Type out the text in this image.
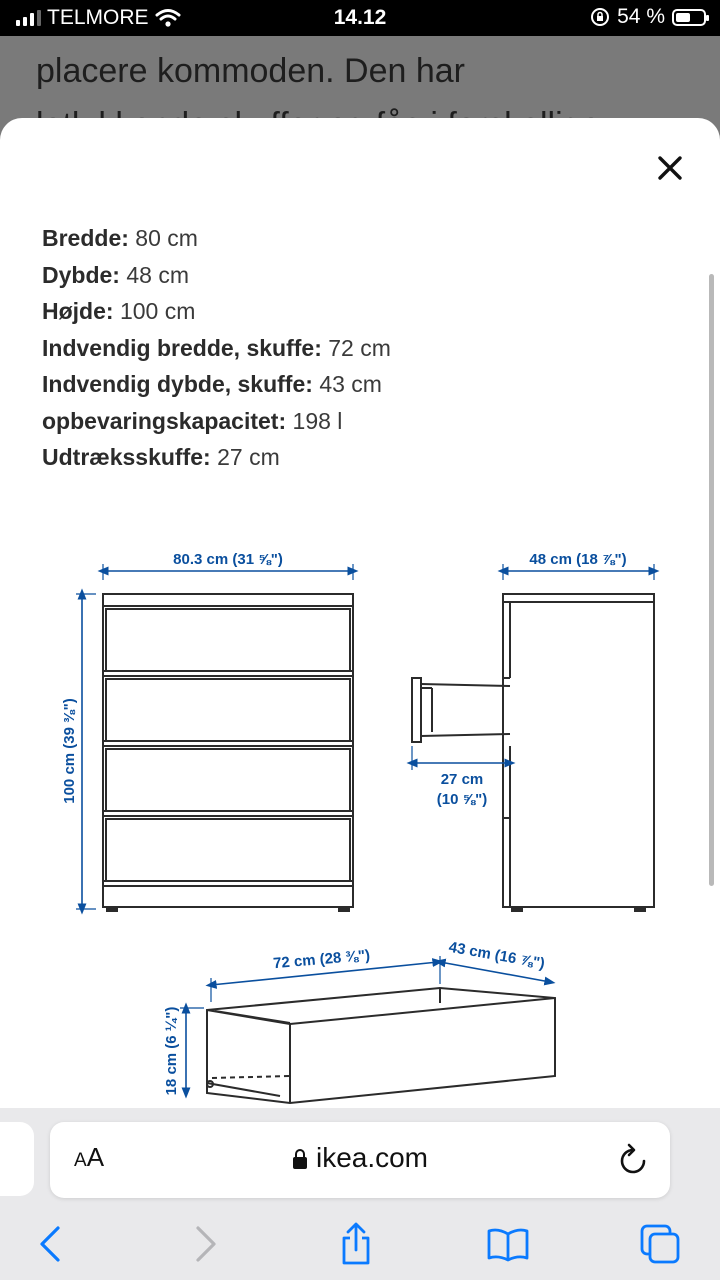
placere kommoden. Den har
TELMORE	14.12	54 %
Bredde: 80 cm
Dybde: 48 cm
Højde: 100 cm
Indvendig bredde, skuffe: 72 cm
Indvendig dybde, skuffe: 43 cm
opbevaringskapacitet: 198 l
Udtræksskuffe: 27 cm
80.3 cm (31 ⅝")
100 cm (39 ⅜")
48 cm (18 ⅞")
27 cm
(10 ⅝")
72 cm (28 ⅜")	43 cm (16 ⅞")
18 cm (6 ¼")
AA	ikea.com
